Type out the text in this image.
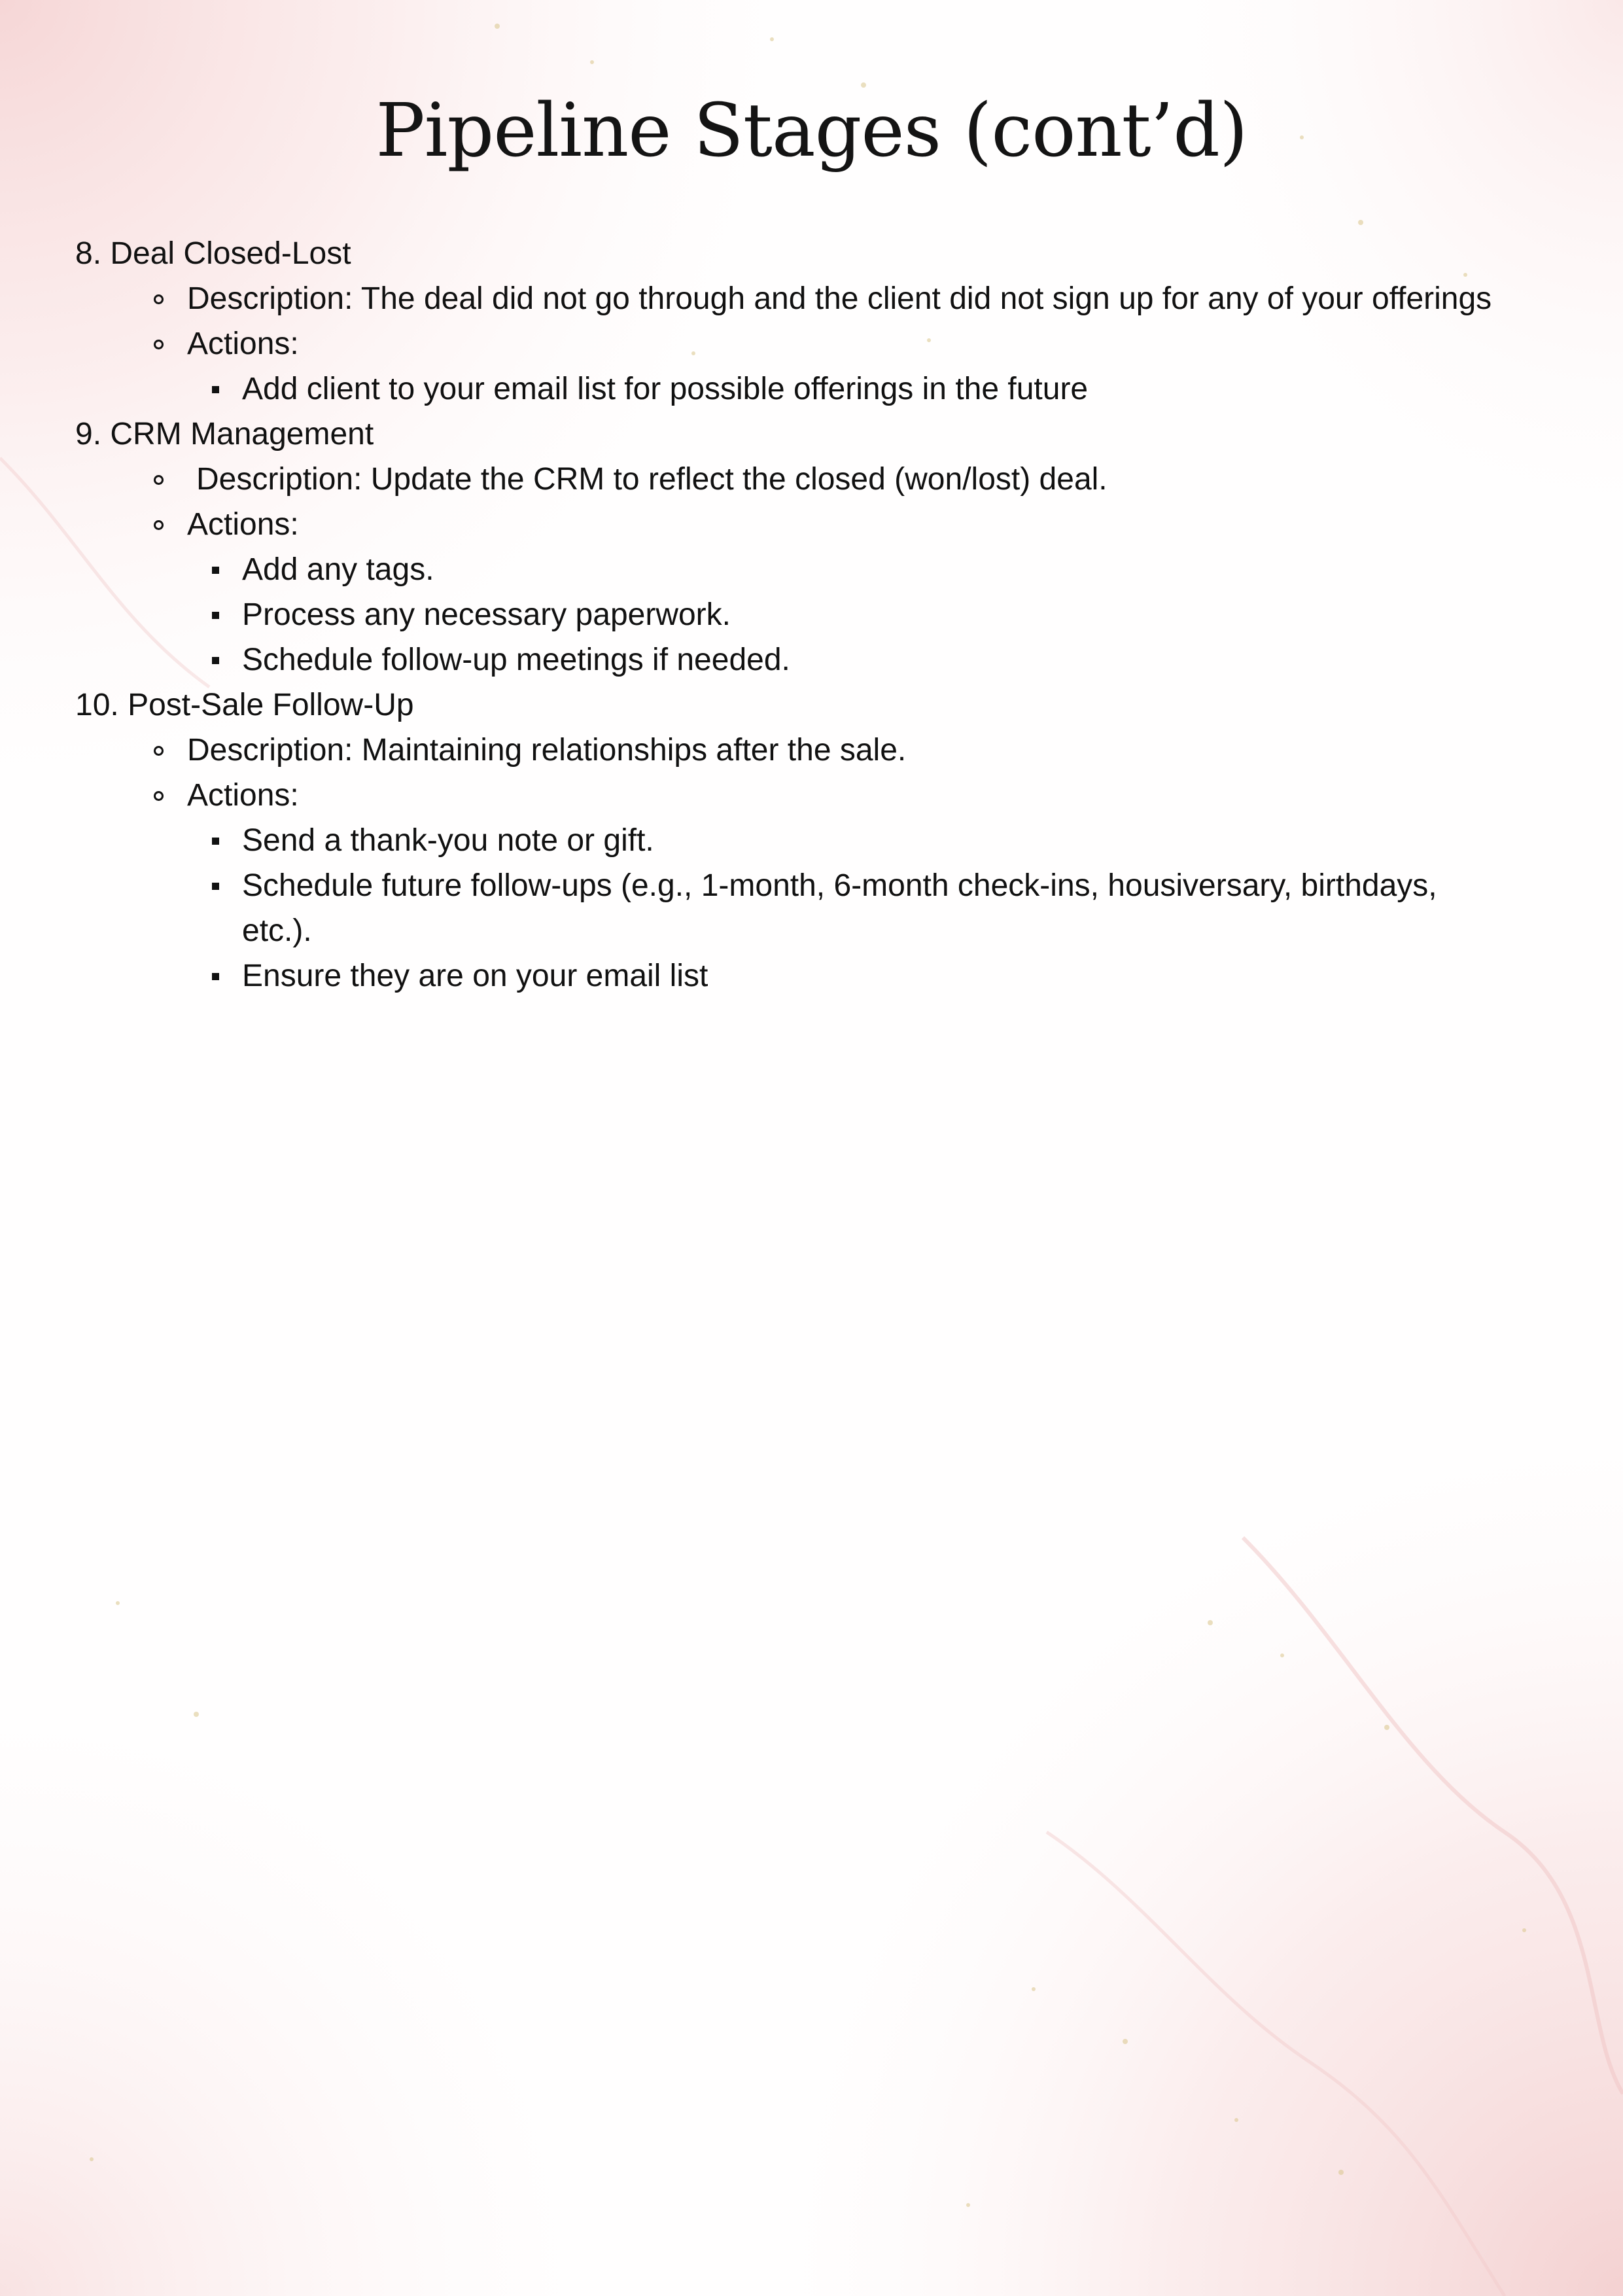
Pipeline Stages (cont’d)
8. Deal Closed-Lost
Description: The deal did not go through and the client did not sign up for any of your offerings
Actions:
Add client to your email list for possible offerings in the future
9. CRM Management
Description: Update the CRM to reflect the closed (won/lost) deal.
Actions:
Add any tags.
Process any necessary paperwork.
Schedule follow-up meetings if needed.
10. Post-Sale Follow-Up
Description: Maintaining relationships after the sale.
Actions:
Send a thank-you note or gift.
Schedule future follow-ups (e.g., 1-month, 6-month check-ins, housiversary, birthdays, etc.).
Ensure they are on your email list
